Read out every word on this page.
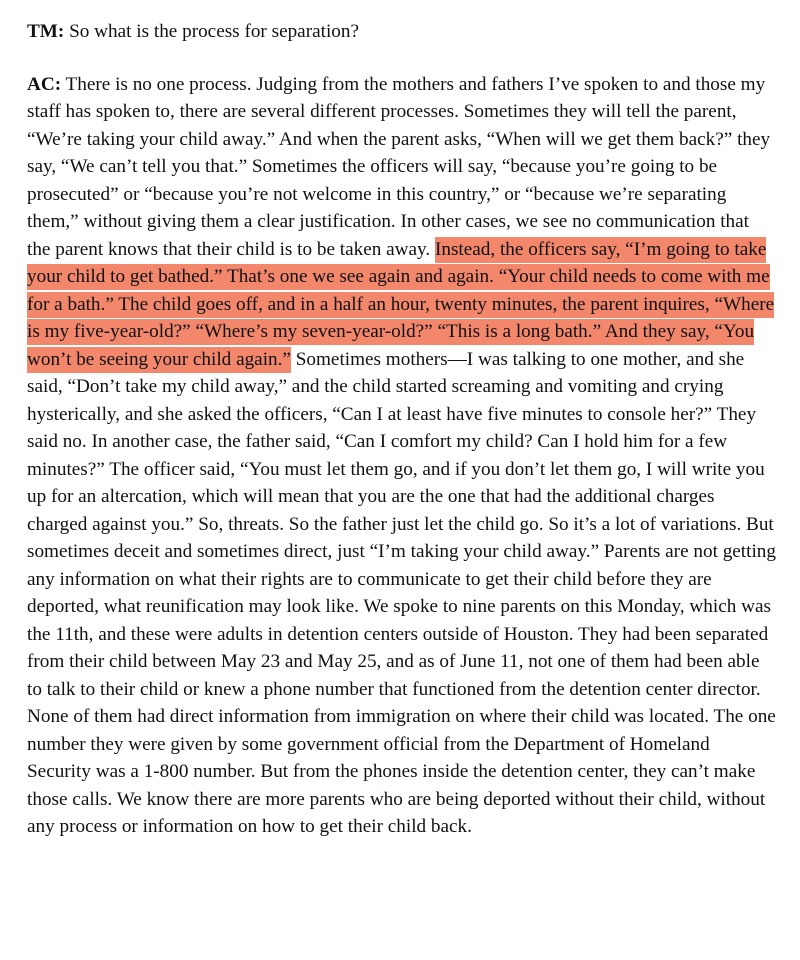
TM: So what is the process for separation?

AC: There is no one process. Judging from the mothers and fathers I’ve spoken to and those my staff has spoken to, there are several different processes. Sometimes they will tell the parent, “We’re taking your child away.” And when the parent asks, “When will we get them back?” they say, “We can’t tell you that.” Sometimes the officers will say, “because you’re going to be prosecuted” or “because you’re not welcome in this country,” or “because we’re separating them,” without giving them a clear justification. In other cases, we see no communication that the parent knows that their child is to be taken away. Instead, the officers say, “I’m going to take your child to get bathed.” That’s one we see again and again. “Your child needs to come with me for a bath.” The child goes off, and in a half an hour, twenty minutes, the parent inquires, “Where is my five-year-old?” “Where’s my seven-year-old?” “This is a long bath.” And they say, “You won’t be seeing your child again.” Sometimes mothers—I was talking to one mother, and she said, “Don’t take my child away,” and the child started screaming and vomiting and crying hysterically, and she asked the officers, “Can I at least have five minutes to console her?” They said no. In another case, the father said, “Can I comfort my child? Can I hold him for a few minutes?” The officer said, “You must let them go, and if you don’t let them go, I will write you up for an altercation, which will mean that you are the one that had the additional charges charged against you.” So, threats. So the father just let the child go. So it’s a lot of variations. But sometimes deceit and sometimes direct, just “I’m taking your child away.” Parents are not getting any information on what their rights are to communicate to get their child before they are deported, what reunification may look like. We spoke to nine parents on this Monday, which was the 11th, and these were adults in detention centers outside of Houston. They had been separated from their child between May 23 and May 25, and as of June 11, not one of them had been able to talk to their child or knew a phone number that functioned from the detention center director. None of them had direct information from immigration on where their child was located. The one number they were given by some government official from the Department of Homeland Security was a 1-800 number. But from the phones inside the detention center, they can’t make those calls. We know there are more parents who are being deported without their child, without any process or information on how to get their child back.
